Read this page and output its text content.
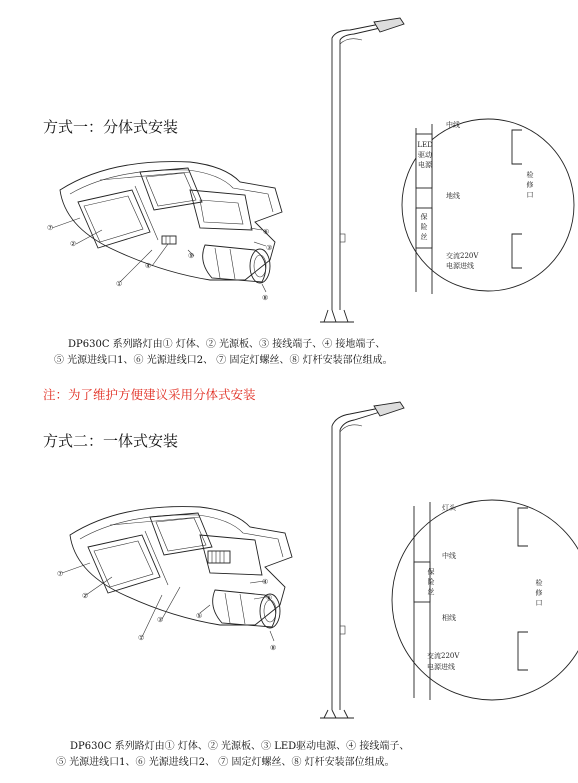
方式一：分体式安装
⑦
②
①
④
⑥
③
⑤
⑧
中线
LED驱动电源
地线
保险丝
交流220V
电源进线
检修口
DP630C 系列路灯由① 灯体、② 光源板、③ 接线端子、④ 接地端子、
⑤ 光源进线口1、⑥ 光源进线口2、 ⑦ 固定灯螺丝、⑧ 灯杆安装部位组成。
注：为了维护方便建议采用分体式安装
方式二：一体式安装
⑦
②
①
③
④
⑥
⑤
⑧
灯头
中线
保险丝
相线
交流220V
电源进线
检修口
DP630C 系列路灯由① 灯体、② 光源板、③ LED驱动电源、④ 接线端子、
⑤ 光源进线口1、⑥ 光源进线口2、 ⑦ 固定灯螺丝、⑧ 灯杆安装部位组成。
